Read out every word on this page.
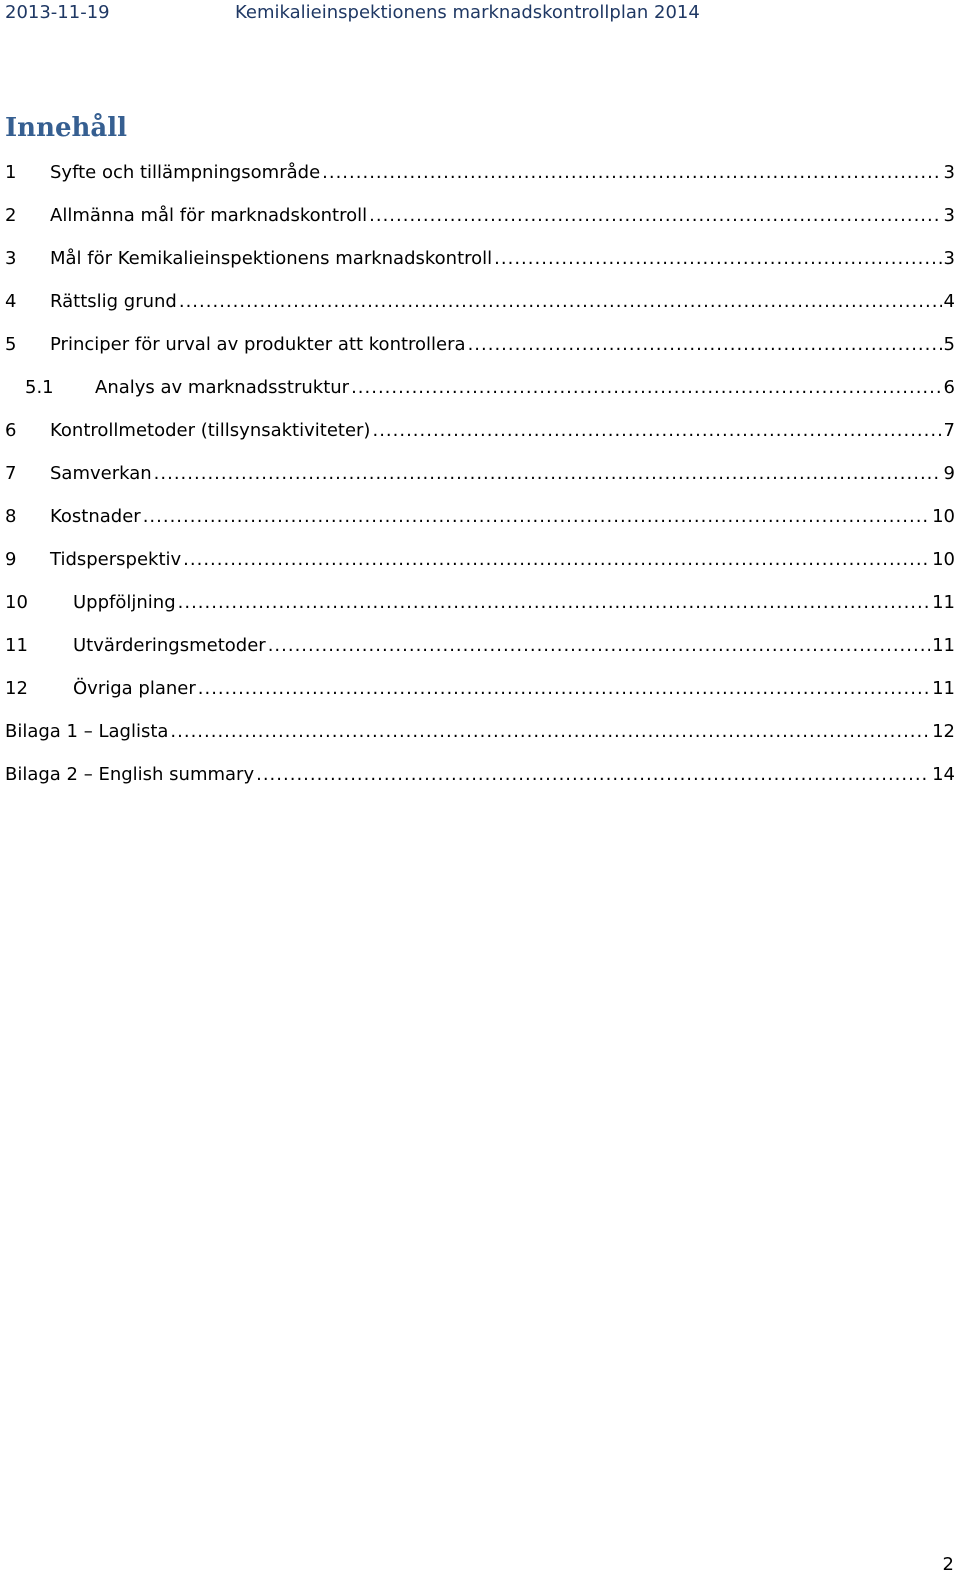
2013-11-19	Kemikalieinspektionens marknadskontrollplan 2014
Innehåll
1	Syfte och tillämpningsområde .....	3
2	Allmänna mål för marknadskontroll .....	3
3	Mål för Kemikalieinspektionens marknadskontroll .....	3
4	Rättslig grund .....	4
5	Principer för urval av produkter att kontrollera .....	5
5.1	Analys av marknadsstruktur .....	6
6	Kontrollmetoder (tillsynsaktiviteter) .....	7
7	Samverkan .....	9
8	Kostnader .....	10
9	Tidsperspektiv .....	10
10	Uppföljning .....	11
11	Utvärderingsmetoder .....	11
12	Övriga planer .....	11
Bilaga 1 – Laglista .....	12
Bilaga 2 – English summary .....	14
2
